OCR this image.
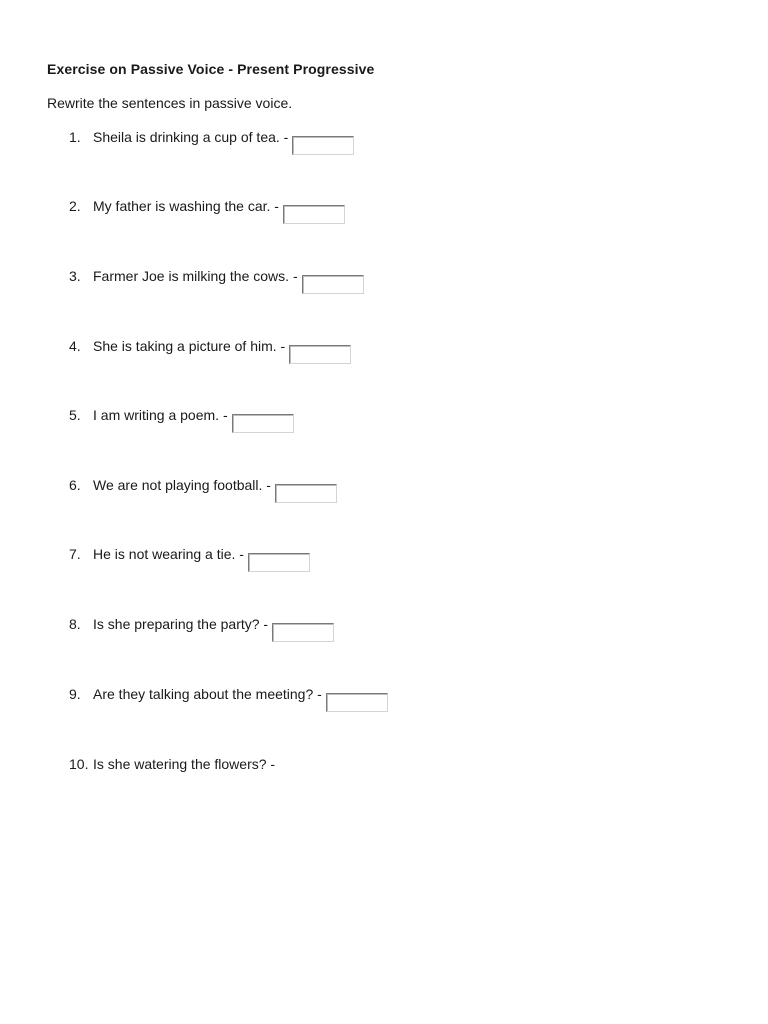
Exercise on Passive Voice - Present Progressive
Rewrite the sentences in passive voice.
1. Sheila is drinking a cup of tea. -
2. My father is washing the car. -
3. Farmer Joe is milking the cows. -
4. She is taking a picture of him. -
5. I am writing a poem. -
6. We are not playing football. -
7. He is not wearing a tie. -
8. Is she preparing the party? -
9. Are they talking about the meeting? -
10. Is she watering the flowers? -
